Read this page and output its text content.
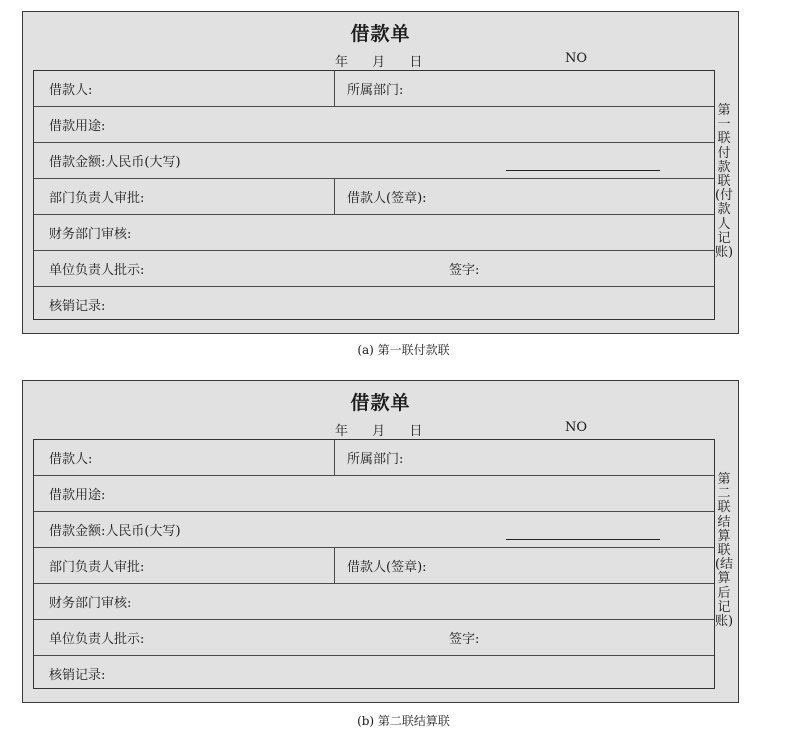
借款单
年 月 日	NO
借款人:	所属部门:
借款用途:
借款金额:人民币(大写)
部门负责人审批:	借款人(签章):
财务部门审核:
单位负责人批示:	签字:
核销记录:
第一联付款联(付款人记账)
(a) 第一联付款联
借款单
年 月 日	NO
借款人:	所属部门:
借款用途:
借款金额:人民币(大写)
部门负责人审批:	借款人(签章):
财务部门审核:
单位负责人批示:	签字:
核销记录:
第二联结算联(结算后记账)
(b) 第二联结算联
